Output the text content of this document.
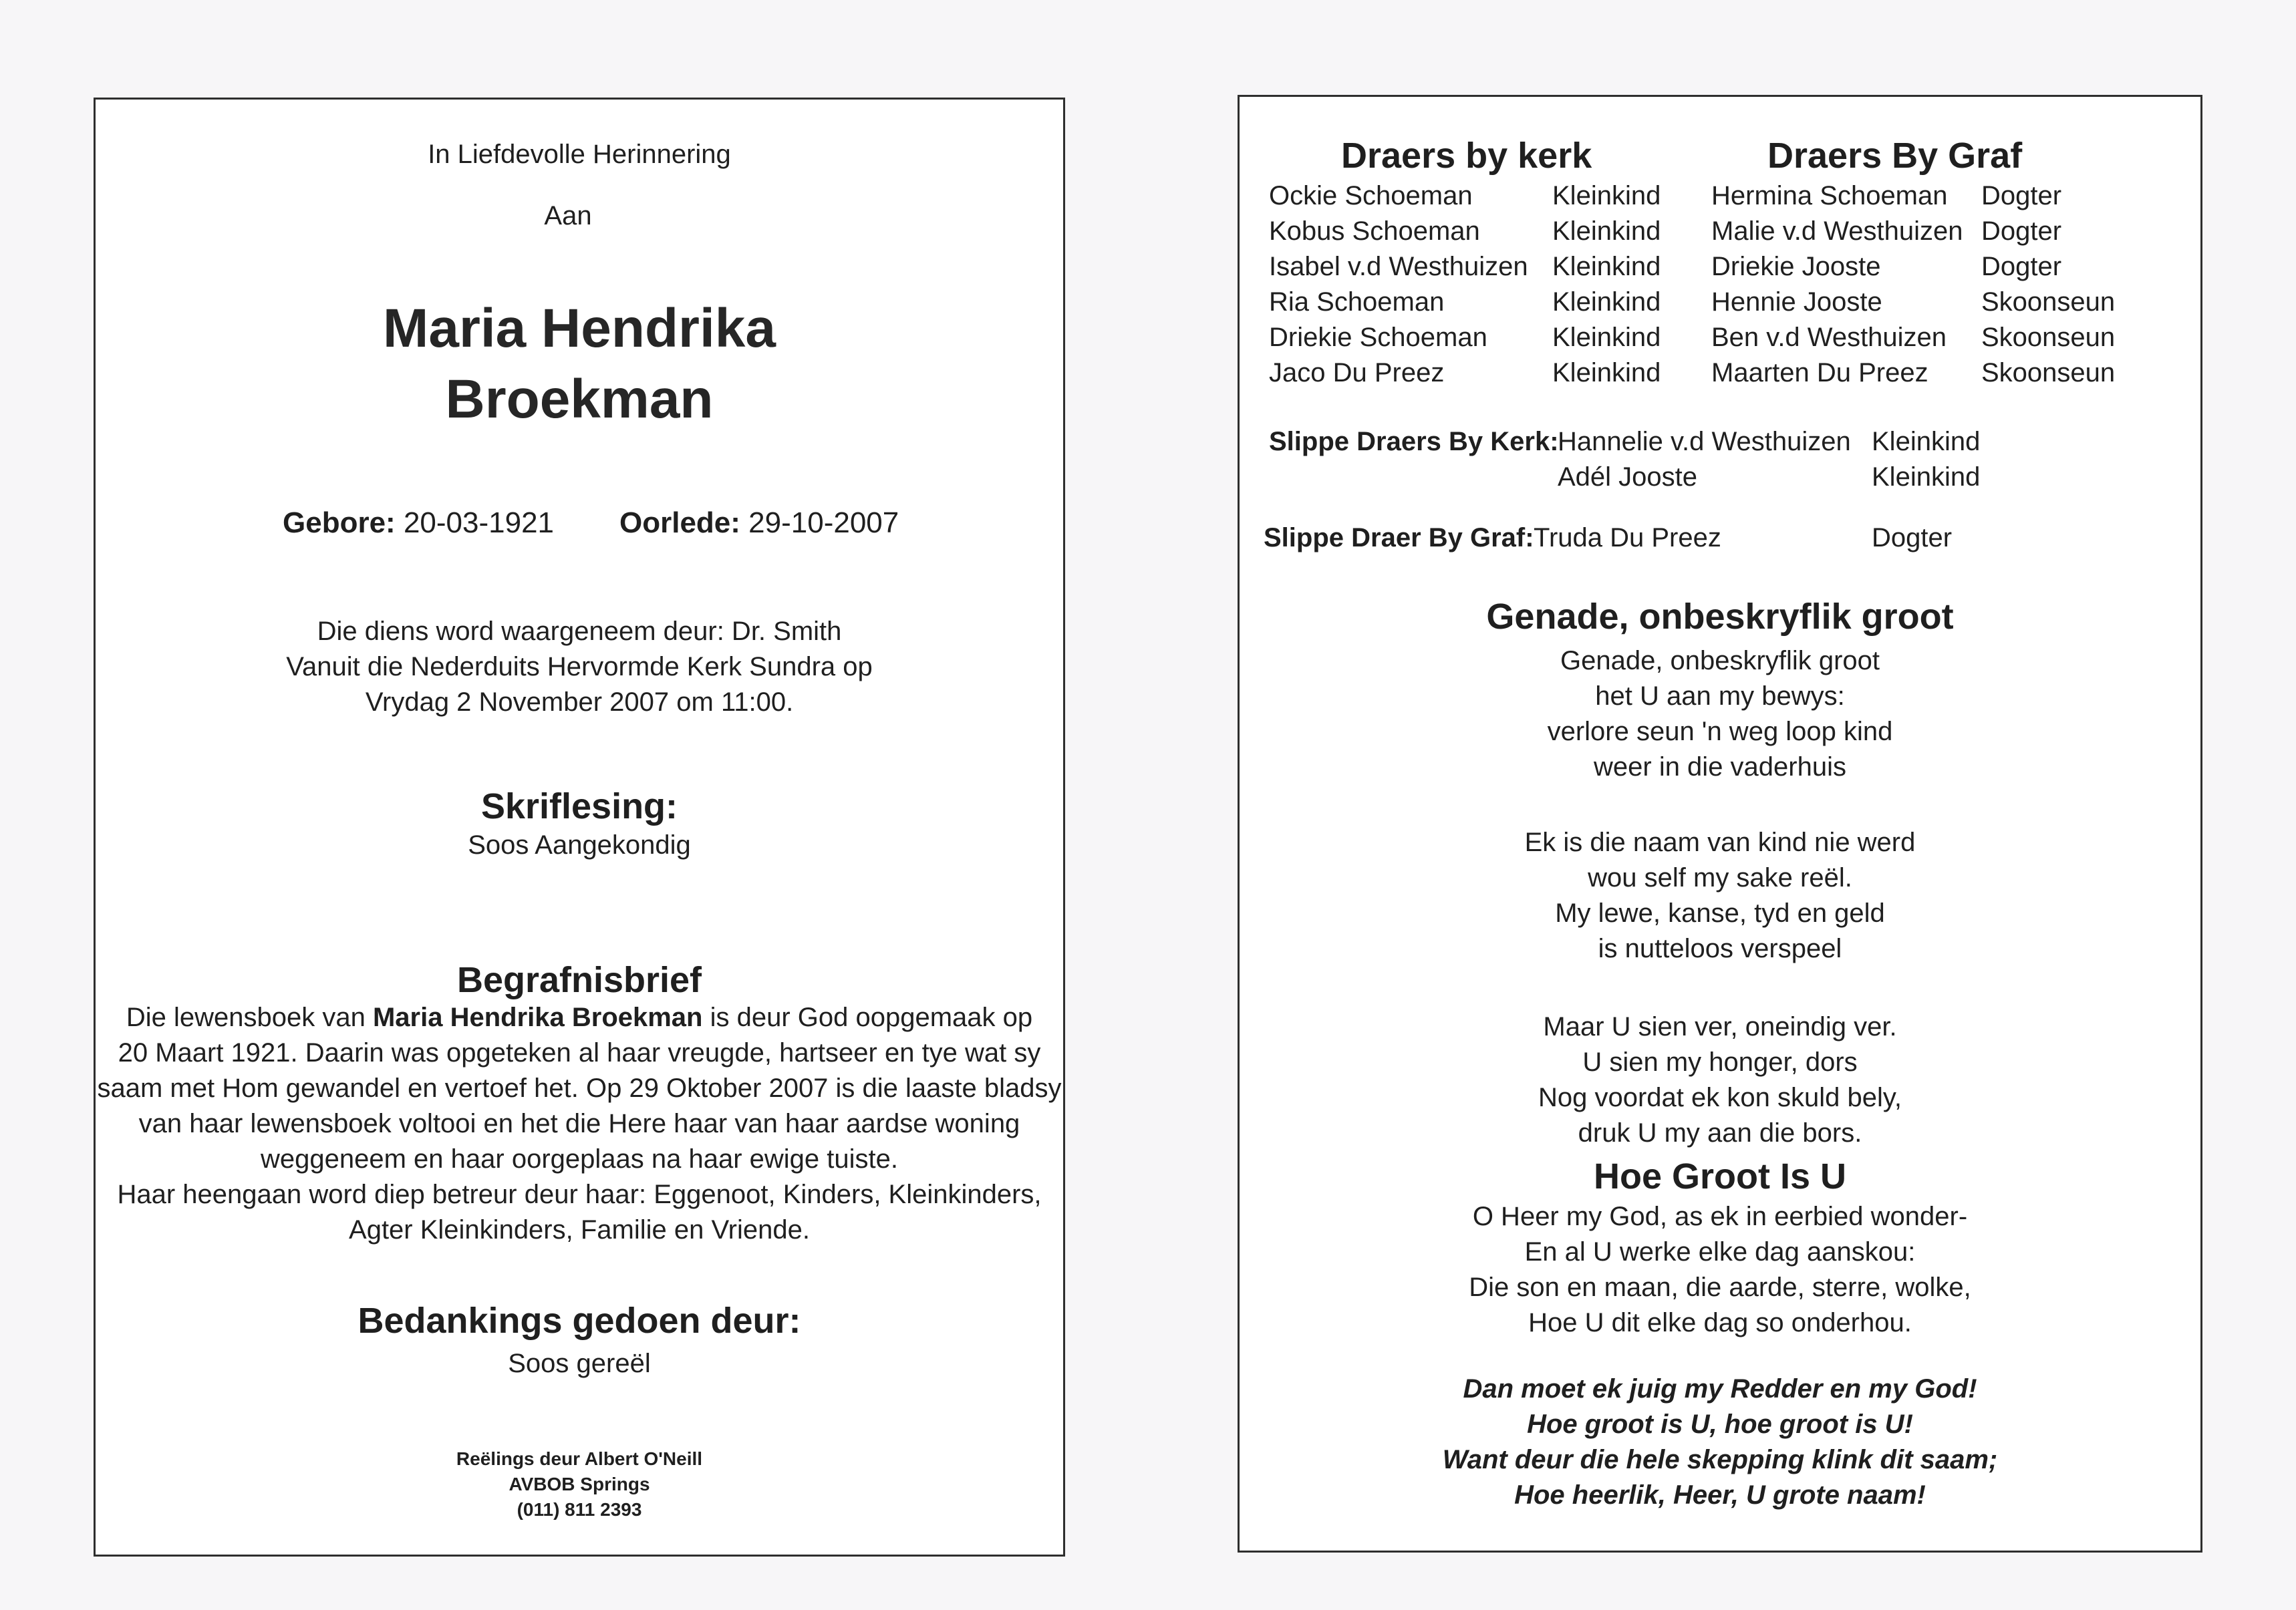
In Liefdevolle Herinnering
Aan
Maria Hendrika
Broekman
Gebore: 20-03-1921 Oorlede: 29-10-2007
Die diens word waargeneem deur: Dr. Smith
Vanuit die Nederduits Hervormde Kerk Sundra op
Vrydag 2 November 2007 om 11:00.
Skriflesing:
Soos Aangekondig
Begrafnisbrief
Die lewensboek van Maria Hendrika Broekman is deur God oopgemaak op
20 Maart 1921. Daarin was opgeteken al haar vreugde, hartseer en tye wat sy
saam met Hom gewandel en vertoef het. Op 29 Oktober 2007 is die laaste bladsy
van haar lewensboek voltooi en het die Here haar van haar aardse woning
weggeneem en haar oorgeplaas na haar ewige tuiste.
Haar heengaan word diep betreur deur haar: Eggenoot, Kinders, Kleinkinders,
Agter Kleinkinders, Familie en Vriende.
Bedankings gedoen deur:
Soos gereël
Reëlings deur Albert O'Neill
AVBOB Springs
(011) 811 2393
Draers by kerk	Draers By Graf
Ockie Schoeman
Kobus Schoeman
Isabel v.d Westhuizen
Ria Schoeman
Driekie Schoeman
Jaco Du Preez
Kleinkind
Kleinkind
Kleinkind
Kleinkind
Kleinkind
Kleinkind
Hermina Schoeman
Malie v.d Westhuizen
Driekie Jooste
Hennie Jooste
Ben v.d Westhuizen
Maarten Du Preez
Dogter
Dogter
Dogter
Skoonseun
Skoonseun
Skoonseun
Slippe Draers By Kerk:
Hannelie v.d Westhuizen
Adél Jooste
Kleinkind
Kleinkind
Slippe Draer By Graf: Truda Du Preez	Dogter
Genade, onbeskryflik groot
Genade, onbeskryflik groot
het U aan my bewys:
verlore seun 'n weg loop kind
weer in die vaderhuis
Ek is die naam van kind nie werd
wou self my sake reël.
My lewe, kanse, tyd en geld
is nutteloos verspeel
Maar U sien ver, oneindig ver.
U sien my honger, dors
Nog voordat ek kon skuld bely,
druk U my aan die bors.
Hoe Groot Is U
O Heer my God, as ek in eerbied wonder-
En al U werke elke dag aanskou:
Die son en maan, die aarde, sterre, wolke,
Hoe U dit elke dag so onderhou.
Dan moet ek juig my Redder en my God!
Hoe groot is U, hoe groot is U!
Want deur die hele skepping klink dit saam;
Hoe heerlik, Heer, U grote naam!
